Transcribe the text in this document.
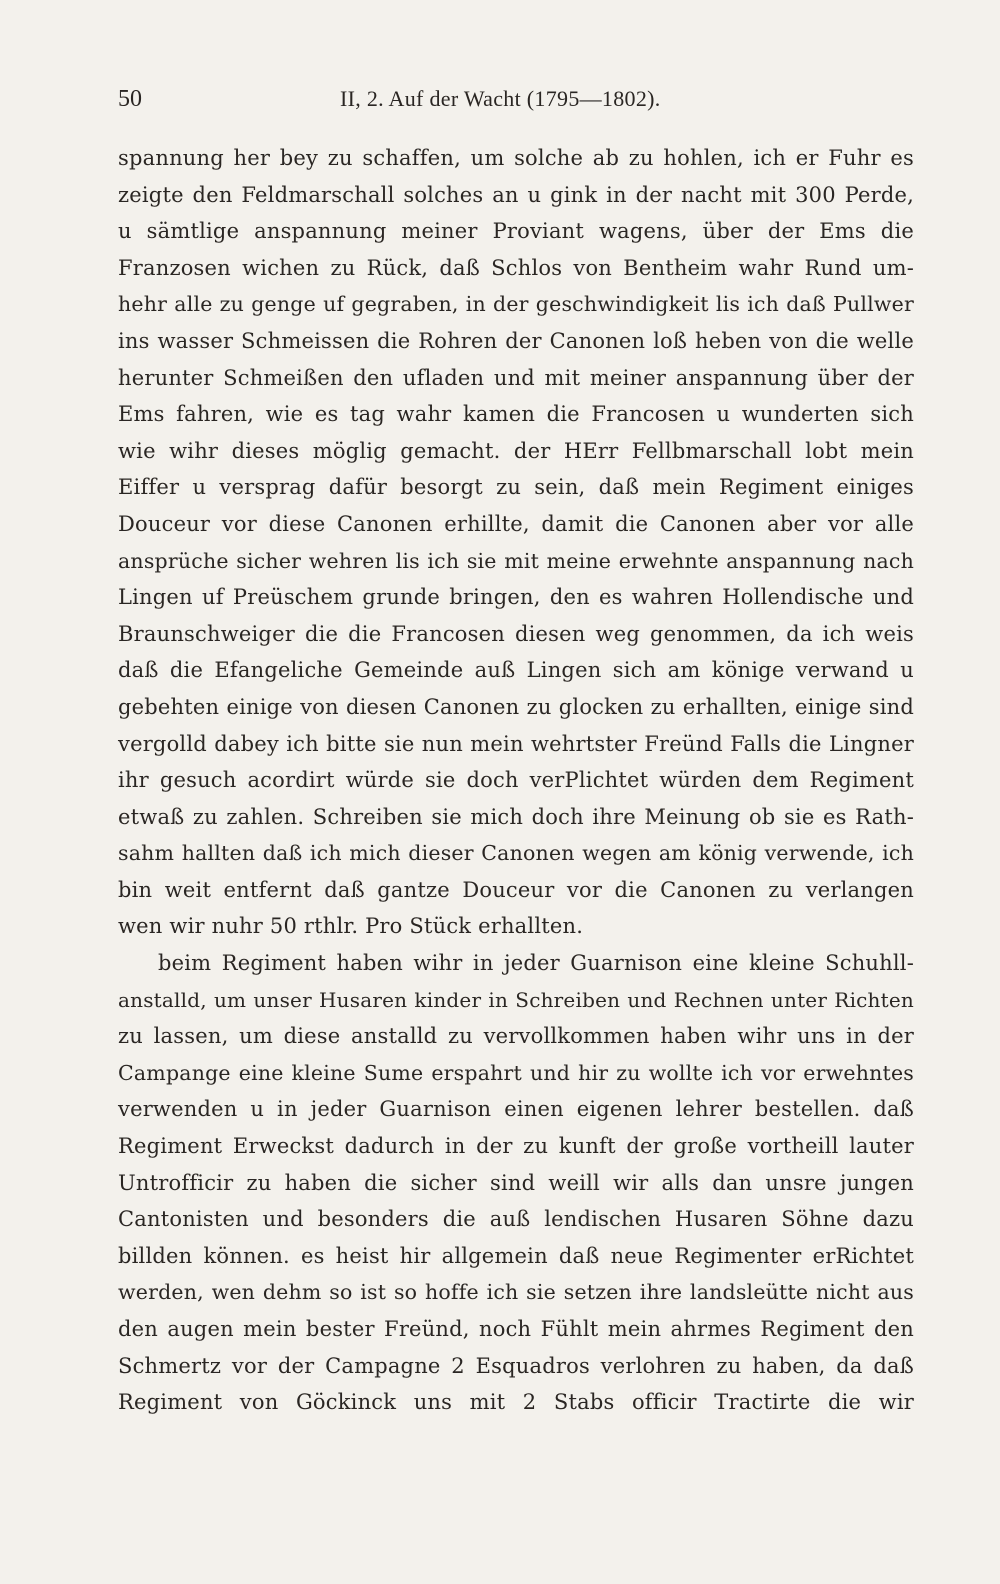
50	II, 2. Auf der Wacht (1795—1802).
spannung her bey zu schaffen, um solche ab zu hohlen, ich er Fuhr es
zeigte den Feldmarschall solches an u gink in der nacht mit 300 Perde,
u sämtlige anspannung meiner Proviant wagens, über der Ems die
Franzosen wichen zu Rück, daß Schlos von Bentheim wahr Rund um-
hehr alle zu genge uf gegraben, in der geschwindigkeit lis ich daß Pullwer
ins wasser Schmeissen die Rohren der Canonen loß heben von die welle
herunter Schmeißen den ufladen und mit meiner anspannung über der
Ems fahren, wie es tag wahr kamen die Francosen u wunderten sich
wie wihr dieses möglig gemacht. der HErr Fellbmarschall lobt mein
Eiffer u versprag dafür besorgt zu sein, daß mein Regiment einiges
Douceur vor diese Canonen erhillte, damit die Canonen aber vor alle
ansprüche sicher wehren lis ich sie mit meine erwehnte anspannung nach
Lingen uf Preüschem grunde bringen, den es wahren Hollendische und
Braunschweiger die die Francosen diesen weg genommen, da ich weis
daß die Efangeliche Gemeinde auß Lingen sich am könige verwand u
gebehten einige von diesen Canonen zu glocken zu erhallten, einige sind
vergolld dabey ich bitte sie nun mein wehrtster Freünd Falls die Lingner
ihr gesuch acordirt würde sie doch verPlichtet würden dem Regiment
etwaß zu zahlen. Schreiben sie mich doch ihre Meinung ob sie es Rath-
sahm hallten daß ich mich dieser Canonen wegen am könig verwende, ich
bin weit entfernt daß gantze Douceur vor die Canonen zu verlangen
wen wir nuhr 50 rthlr. Pro Stück erhallten.
beim Regiment haben wihr in jeder Guarnison eine kleine Schuhll-
anstalld, um unser Husaren kinder in Schreiben und Rechnen unter Richten
zu lassen, um diese anstalld zu vervollkommen haben wihr uns in der
Campange eine kleine Sume erspahrt und hir zu wollte ich vor erwehntes
verwenden u in jeder Guarnison einen eigenen lehrer bestellen. daß
Regiment Erweckst dadurch in der zu kunft der große vortheill lauter
Untrofficir zu haben die sicher sind weill wir alls dan unsre jungen
Cantonisten und besonders die auß lendischen Husaren Söhne dazu
billden können. es heist hir allgemein daß neue Regimenter erRichtet
werden, wen dehm so ist so hoffe ich sie setzen ihre landsleütte nicht aus
den augen mein bester Freünd, noch Fühlt mein ahrmes Regiment den
Schmertz vor der Campagne 2 Esquadros verlohren zu haben, da daß
Regiment von Göckinck uns mit 2 Stabs officir Tractirte die wir
